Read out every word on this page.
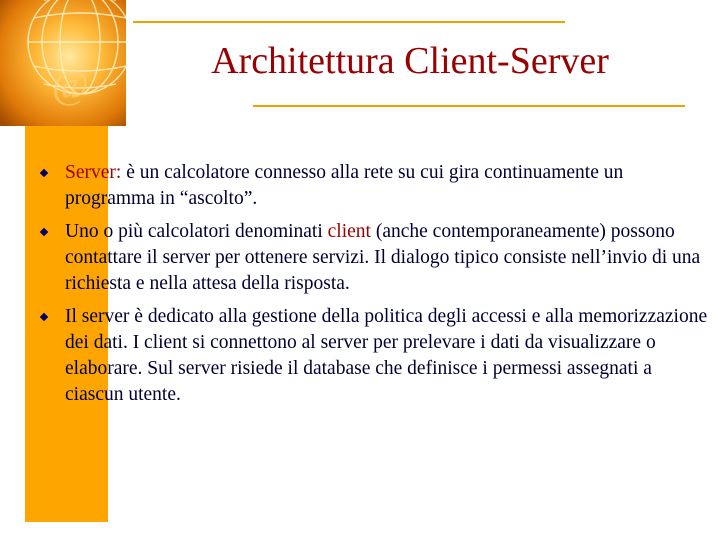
@
Architettura Client-Server
Server: è un calcolatore connesso alla rete su cui gira continuamente un programma in “ascolto”.
Uno o più calcolatori denominati client (anche contemporaneamente) possono contattare il server per ottenere servizi. Il dialogo tipico consiste nell’invio di una richiesta e nella attesa della risposta.
Il server è dedicato alla gestione della politica degli accessi e alla memorizzazione dei dati. I client si connettono al server per prelevare i dati da visualizzare o elaborare. Sul server risiede il database che definisce i permessi assegnati a ciascun utente.
